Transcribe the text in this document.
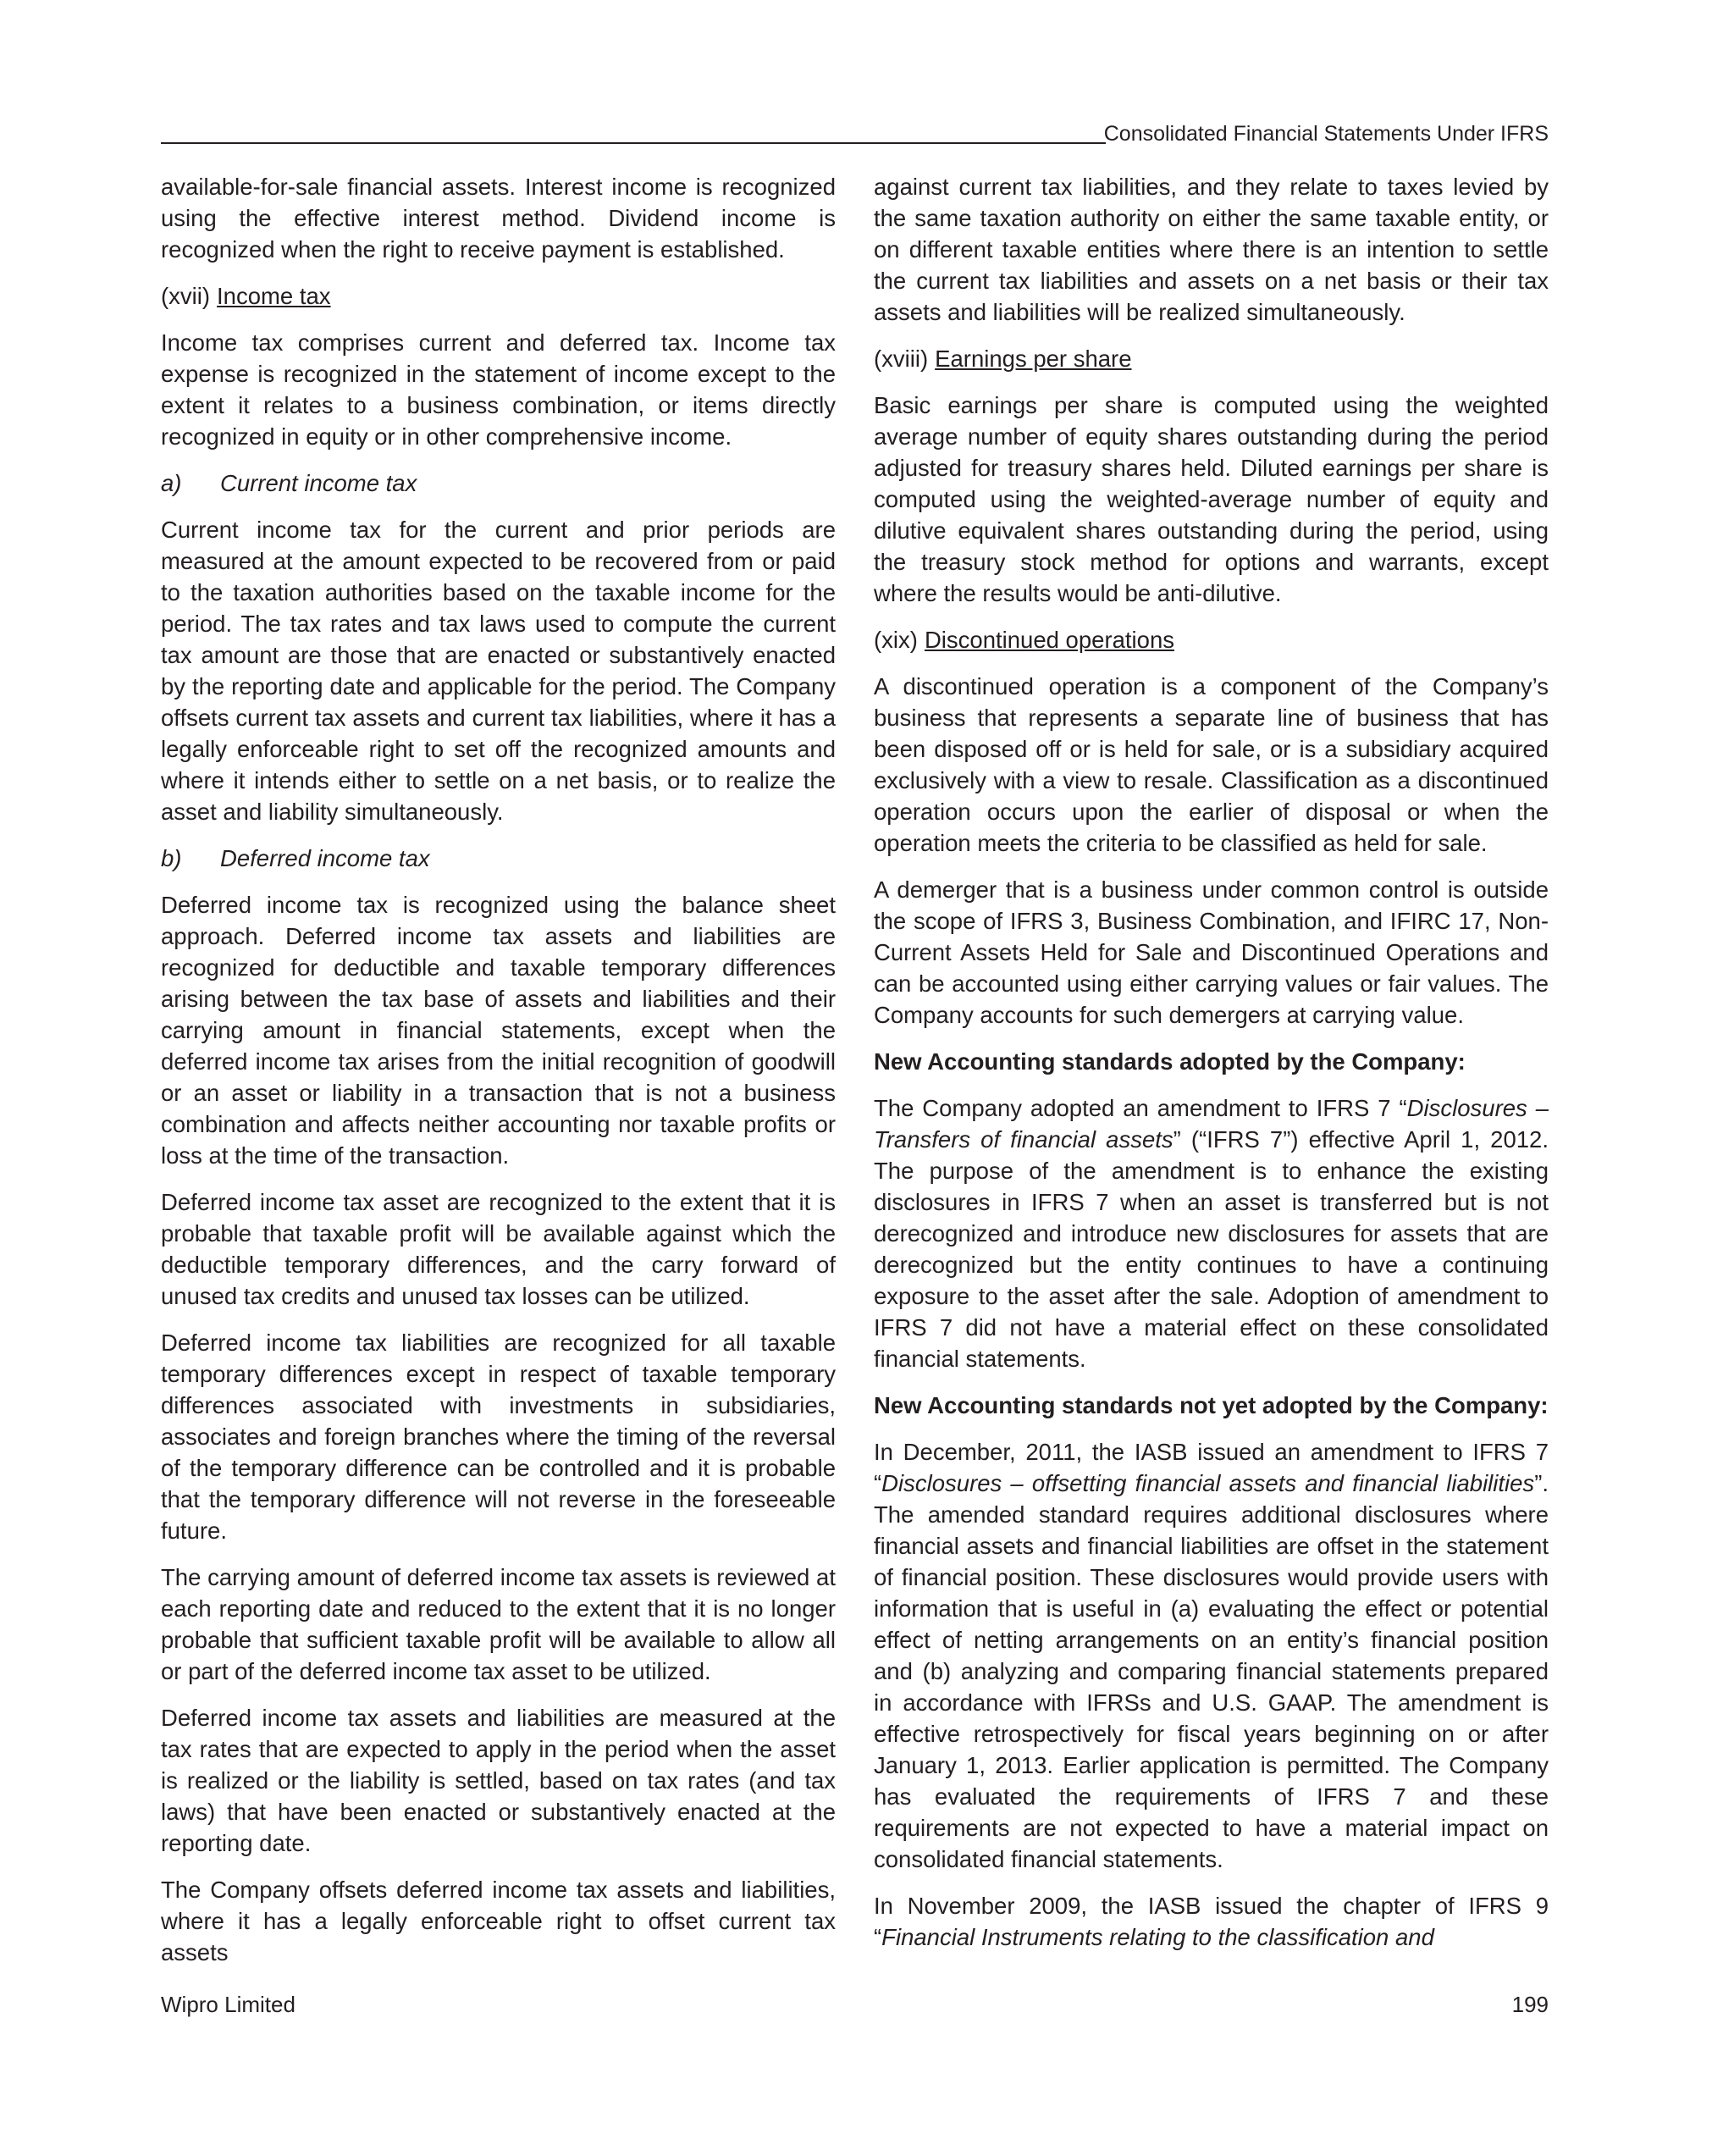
Consolidated Financial Statements Under IFRS

available-for-sale financial assets. Interest income is recognized using the effective interest method. Dividend income is recognized when the right to receive payment is established.

(xvii) Income tax

Income tax comprises current and deferred tax. Income tax expense is recognized in the statement of income except to the extent it relates to a business combination, or items directly recognized in equity or in other comprehensive income.

a) Current income tax

Current income tax for the current and prior periods are measured at the amount expected to be recovered from or paid to the taxation authorities based on the taxable income for the period. The tax rates and tax laws used to compute the current tax amount are those that are enacted or substantively enacted by the reporting date and applicable for the period. The Company offsets current tax assets and current tax liabilities, where it has a legally enforceable right to set off the recognized amounts and where it intends either to settle on a net basis, or to realize the asset and liability simultaneously.

b) Deferred income tax

Deferred income tax is recognized using the balance sheet approach. Deferred income tax assets and liabilities are recognized for deductible and taxable temporary differences arising between the tax base of assets and liabilities and their carrying amount in financial statements, except when the deferred income tax arises from the initial recognition of goodwill or an asset or liability in a transaction that is not a business combination and affects neither accounting nor taxable profits or loss at the time of the transaction.

Deferred income tax asset are recognized to the extent that it is probable that taxable profit will be available against which the deductible temporary differences, and the carry forward of unused tax credits and unused tax losses can be utilized.

Deferred income tax liabilities are recognized for all taxable temporary differences except in respect of taxable temporary differences associated with investments in subsidiaries, associates and foreign branches where the timing of the reversal of the temporary difference can be controlled and it is probable that the temporary difference will not reverse in the foreseeable future.

The carrying amount of deferred income tax assets is reviewed at each reporting date and reduced to the extent that it is no longer probable that sufficient taxable profit will be available to allow all or part of the deferred income tax asset to be utilized.

Deferred income tax assets and liabilities are measured at the tax rates that are expected to apply in the period when the asset is realized or the liability is settled, based on tax rates (and tax laws) that have been enacted or substantively enacted at the reporting date.

The Company offsets deferred income tax assets and liabilities, where it has a legally enforceable right to offset current tax assets

against current tax liabilities, and they relate to taxes levied by the same taxation authority on either the same taxable entity, or on different taxable entities where there is an intention to settle the current tax liabilities and assets on a net basis or their tax assets and liabilities will be realized simultaneously.

(xviii) Earnings per share

Basic earnings per share is computed using the weighted average number of equity shares outstanding during the period adjusted for treasury shares held. Diluted earnings per share is computed using the weighted-average number of equity and dilutive equivalent shares outstanding during the period, using the treasury stock method for options and warrants, except where the results would be anti-dilutive.

(xix) Discontinued operations

A discontinued operation is a component of the Company’s business that represents a separate line of business that has been disposed off or is held for sale, or is a subsidiary acquired exclusively with a view to resale. Classification as a discontinued operation occurs upon the earlier of disposal or when the operation meets the criteria to be classified as held for sale.

A demerger that is a business under common control is outside the scope of IFRS 3, Business Combination, and IFIRC 17, Non-Current Assets Held for Sale and Discontinued Operations and can be accounted using either carrying values or fair values. The Company accounts for such demergers at carrying value.

New Accounting standards adopted by the Company:

The Company adopted an amendment to IFRS 7 “Disclosures – Transfers of financial assets” (“IFRS 7”) effective April 1, 2012. The purpose of the amendment is to enhance the existing disclosures in IFRS 7 when an asset is transferred but is not derecognized and introduce new disclosures for assets that are derecognized but the entity continues to have a continuing exposure to the asset after the sale. Adoption of amendment to IFRS 7 did not have a material effect on these consolidated financial statements.

New Accounting standards not yet adopted by the Company:

In December, 2011, the IASB issued an amendment to IFRS 7 “Disclosures – offsetting financial assets and financial liabilities”. The amended standard requires additional disclosures where financial assets and financial liabilities are offset in the statement of financial position. These disclosures would provide users with information that is useful in (a) evaluating the effect or potential effect of netting arrangements on an entity’s financial position and (b) analyzing and comparing financial statements prepared in accordance with IFRSs and U.S. GAAP. The amendment is effective retrospectively for fiscal years beginning on or after January 1, 2013. Earlier application is permitted. The Company has evaluated the requirements of IFRS 7 and these requirements are not expected to have a material impact on consolidated financial statements.

In November 2009, the IASB issued the chapter of IFRS 9 “Financial Instruments relating to the classification and

Wipro Limited	199
